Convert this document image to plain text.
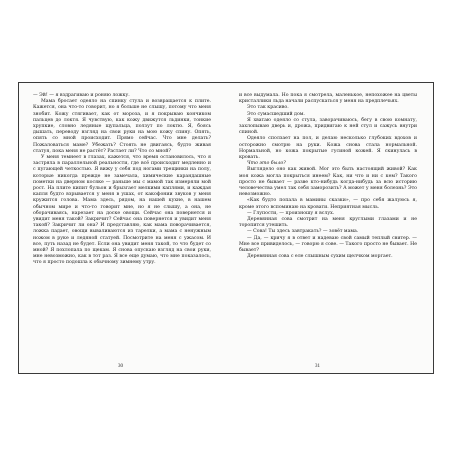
— Эй! — я вздрагиваю и роняю ложку.

Мама бросает одеяло на спинку стула и возвращается к плите. Кажется, она что-то говорит, но я больше не слышу, потому что меня знобит. Кожу стягивает, как от мороза, и я покрываю кончиком пальцев до локтя. Я чувствую, как кожу движутся льдинки, тонкие хрупкие, словно ледяные щупальца, ползут по локтю. Я, боясь дышать, переводу взгляд на свои руки на мою кожу спину. Опять, опять со мной происходит. Прямо сейчас. Что мне делать? Пожаловаться маме? Убежать? Стоять не двигаясь, будто живая статуя, пока меня не растёт? Растает ли? Что со мной?

У меня темнеет в глазах, кажется, что время остановилось, что я застряла в параллельной реальности, где всё происходит медленно и с пугающей четкостью. Я вижу у себя под ногами трещинки на полу, которые никогда прежде не замечала, химические карандашные пометки на дверном косяке — раньше мы с мамой так измеряли мой рост. На плите кипит бульон и брызгает мелкими каплями, и каждая капля будто взрывается у меня в ушах, от какофонии звуков у меня кружится голова. Мама здесь, рядом, на нашей кухне, в нашем обычном мире и что-то говорит мне, но я не слышу, а она, не оборачиваясь, нарезает на доске овощи. Сейчас она повернется и увидит меня такой? Закричит? Сейчас она повернется и увидит меня такой? Закричит ли она? И представляю, как мама поворачивается, ложка падает, овощи вываливаются из тарелки, а мама с ненужным ножом в руке и ледяной статуей. Посмотрите на меня с ужасом. И все, путь назад не будет. Если она увидит меня такой, то что будет со мной? Я похлопала по щекам. Я снова опускаю взгляд на свои руки, мне невозможно, как в тот раз. Я все еще думаю, что мне показалось, что я просто подошла к обычному зимнему утру.

и все выдумала. Но пока я смотрела, маленькое, непохожее на цветы кристаллики льда начали распускаться у меня на предплечьях.

Это так красиво.

Это сумасшедший дом.

Я хватаю одеяло со стула, заворачиваюсь, бегу в свою комнату, захлопываю дверь и, дрожа, придвигаю к ней стул и сажусь внутри спиной.

Одеяло сползает на пол, и делаю несколько глубоких вдохов и осторожно смотрю на руки. Кожа снова стала нормальной. Нормальной, но кожа покрытые гусиной кожей. Я скинулась в кровать.

Что это было?

Выглядело оно как живой. Мог это быть настоящий живой? Как моя кожа могла покрыться инеем? Как, ни что и ни с кем? Такого просто не бывает — разве кто-нибудь когда-нибудь за всю историю человечества умел так себя заморозить? А может у меня болезнь? Это невозможно.

«Как будто попала в мамины сказки», — про себя жалуюсь я, кроме этого вспоминаю на кровати. Неприятная мысль.

— Глупости, — произношу я вслух.

Деревянная сова смотрит на меня круглыми глазами и не торопится утешить.

— Сова! Ты здесь завтракать? — зовёт мама.

— Да, — кричу я в ответ и надеваю свой самый теплый свитер. — Мне все привиделось, — говорю я сове. — Такого просто не бывает. Не бывает?

Деревянная сова с еле слышным сухим щелчком моргает.

30	31
